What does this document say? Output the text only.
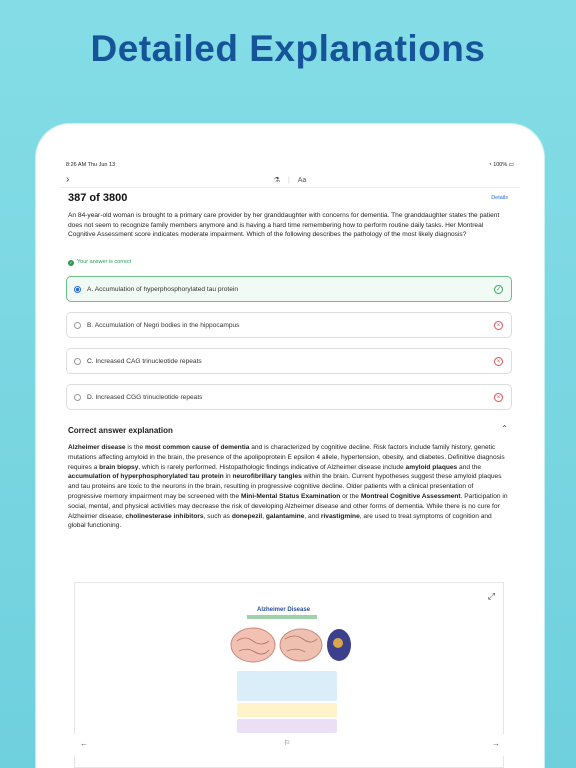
Detailed Explanations
8:26 AM Thu Jun 13	◔ 100% ▭
›	⚗ | Aa
387 of 3800	Details
An 84-year-old woman is brought to a primary care provider by her granddaughter with concerns for dementia. The granddaughter states the patient does not seem to recognize family members anymore and is having a hard time remembering how to perform routine daily tasks. Her Montreal Cognitive Assessment score indicates moderate impairment. Which of the following describes the pathology of the most likely diagnosis?
✓ Your answer is correct
A. Accumulation of hyperphosphorylated tau protein	✓
B. Accumulation of Negri bodies in the hippocampus	×
C. Increased CAG trinucleotide repeats	×
D. Increased CGG trinucleotide repeats	×
Correct answer explanation	⌃
Alzheimer disease is the most common cause of dementia and is characterized by cognitive decline. Risk factors include family history, genetic mutations affecting amyloid in the brain, the presence of the apolipoprotein E epsilon 4 allele, hypertension, obesity, and diabetes. Definitive diagnosis requires a brain biopsy, which is rarely performed. Histopathologic findings indicative of Alzheimer disease include amyloid plaques and the accumulation of hyperphosphorylated tau protein in neurofibrillary tangles within the brain. Current hypotheses suggest these amyloid plaques and tau proteins are toxic to the neurons in the brain, resulting in progressive cognitive decline. Older patients with a clinical presentation of progressive memory impairment may be screened with the Mini-Mental Status Examination or the Montreal Cognitive Assessment. Participation in social, mental, and physical activities may decrease the risk of developing Alzheimer disease and other forms of dementia. While there is no cure for Alzheimer disease, cholinesterase inhibitors, such as donepezil, galantamine, and rivastigmine, are used to treat symptoms of cognition and global functioning.
⤢
Alzheimer Disease
←	⚐	→
